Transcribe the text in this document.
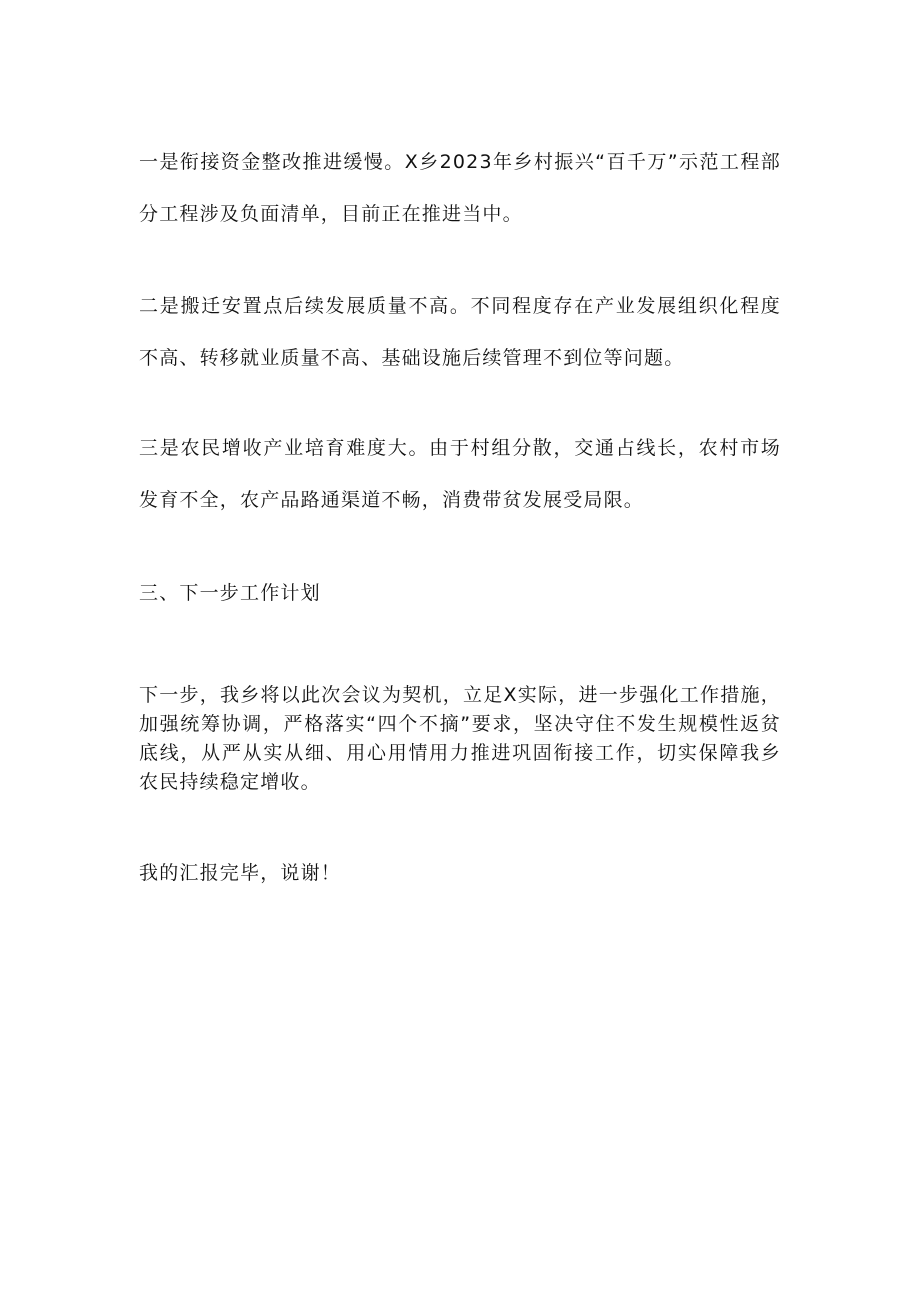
一是衔接资金整改推进缓慢。X乡2023年乡村振兴“百千万”示范工程部分工程涉及负面清单，目前正在推进当中。

二是搬迁安置点后续发展质量不高。不同程度存在产业发展组织化程度不高、转移就业质量不高、基础设施后续管理不到位等问题。

三是农民增收产业培育难度大。由于村组分散，交通占线长，农村市场发育不全，农产品路通渠道不畅，消费带贫发展受局限。

三、下一步工作计划

下一步，我乡将以此次会议为契机，立足X实际，进一步强化工作措施，加强统筹协调，严格落实“四个不摘”要求，坚决守住不发生规模性返贫底线，从严从实从细、用心用情用力推进巩固衔接工作，切实保障我乡农民持续稳定增收。

我的汇报完毕，说谢！
